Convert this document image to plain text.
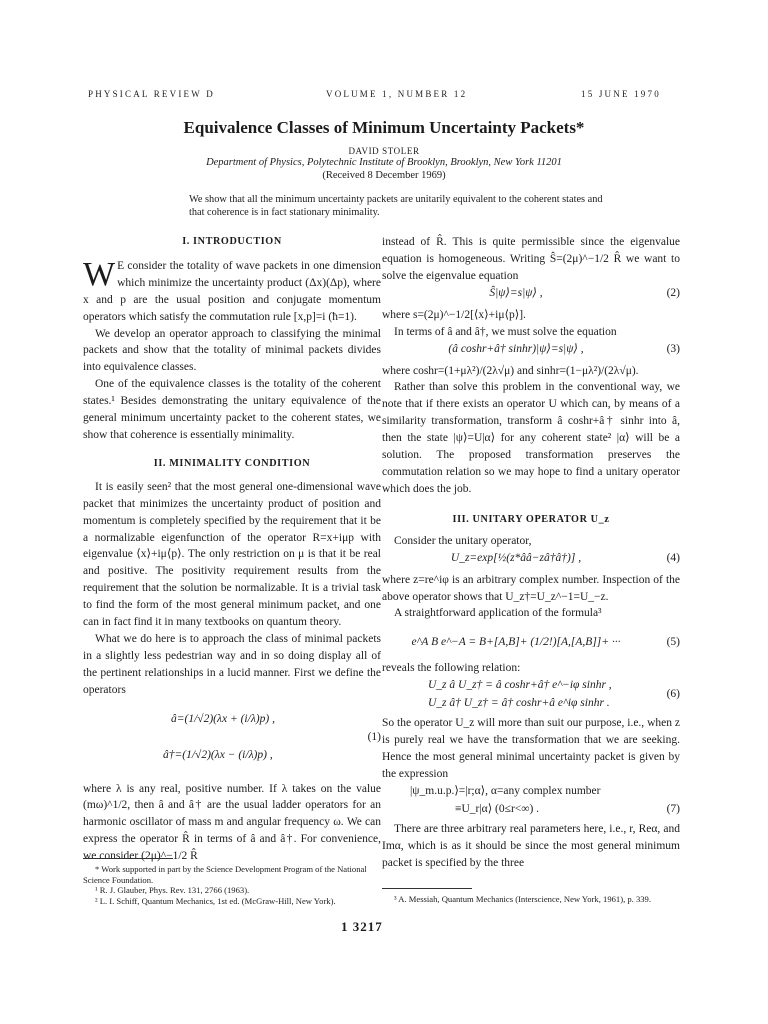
PHYSICAL REVIEW D	VOLUME 1, NUMBER 12	15 JUNE 1970
Equivalence Classes of Minimum Uncertainty Packets*
DAVID STOLER
Department of Physics, Polytechnic Institute of Brooklyn, Brooklyn, New York 11201
(Received 8 December 1969)
We show that all the minimum uncertainty packets are unitarily equivalent to the coherent states and that coherence is in fact stationary minimality.
I. INTRODUCTION

W E consider the totality of wave packets in one dimension which minimize the uncertainty product (Δx)(Δp), where x and p are the usual position and conjugate momentum operators which satisfy the commutation rule [x,p]=i (ħ=1).

We develop an operator approach to classifying the minimal packets and show that the totality of minimal packets divides into equivalence classes.

One of the equivalence classes is the totality of the coherent states.¹ Besides demonstrating the unitary equivalence of the general minimum uncertainty packet to the coherent states, we show that coherence is essentially minimality.

II. MINIMALITY CONDITION

It is easily seen² that the most general one-dimensional wave packet that minimizes the uncertainty product of position and momentum is completely specified by the requirement that it be a normalizable eigenfunction of the operator R=x+iμp with eigenvalue ⟨x⟩+iμ⟨p⟩. The only restriction on μ is that it be real and positive. The positivity requirement results from the requirement that the solution be normalizable. It is a trivial task to find the form of the most general minimum packet, and one can in fact find it in many textbooks on quantum theory.

What we do here is to approach the class of minimal packets in a slightly less pedestrian way and in so doing display all of the pertinent relationships in a lucid manner. First we define the operators

â=(1/√2)(λx + (i/λ)p) ,
â†=(1/√2)(λx − (i/λ)p) ,
(1)

where λ is any real, positive number. If λ takes on the value (mω)^1/2, then â and â† are the usual ladder operators for an harmonic oscillator of mass m and angular frequency ω. We can express the operator R̂ in terms of â and â†. For convenience, we consider (2μ)^−1/2 R̂

* Work supported in part by the Science Development Program of the National Science Foundation.

¹ R. J. Glauber, Phys. Rev. 131, 2766 (1963).

² L. I. Schiff, Quantum Mechanics, 1st ed. (McGraw-Hill, New York).

instead of R̂. This is quite permissible since the eigenvalue equation is homogeneous. Writing Ŝ=(2μ)^−1/2 R̂ we want to solve the eigenvalue equation

Ŝ|ψ⟩=s|ψ⟩ ,	(2)

where s=(2μ)^−1/2[⟨x⟩+iμ⟨p⟩].

In terms of â and â†, we must solve the equation

(â coshr+â† sinhr)|ψ⟩=s|ψ⟩ ,	(3)

where coshr=(1+μλ²)/(2λ√μ) and sinhr=(1−μλ²)/(2λ√μ).

Rather than solve this problem in the conventional way, we note that if there exists an operator U which can, by means of a similarity transformation, transform â coshr+â† sinhr into â, then the state |ψ⟩=U|α⟩ for any coherent state² |α⟩ will be a solution. The proposed transformation preserves the commutation relation so we may hope to find a unitary operator which does the job.

III. UNITARY OPERATOR U_z

Consider the unitary operator,

U_z=exp[½(z*ââ−zâ†â†)] ,	(4)

where z=re^iφ is an arbitrary complex number. Inspection of the above operator shows that U_z†=U_z^−1=U_−z.

A straightforward application of the formula³

e^A B e^−A = B+[A,B]+ (1/2!)[A,[A,B]]+ ···	(5)

reveals the following relation:

U_z â U_z† = â coshr+â† e^−iφ sinhr ,
U_z â† U_z† = â† coshr+â e^iφ sinhr .
(6)

So the operator U_z will more than suit our purpose, i.e., when z is purely real we have the transformation that we are seeking. Hence the most general minimal uncertainty packet is given by the expression

|ψ_m.u.p.⟩=|r;α⟩, α=any complex number
≡U_r|α⟩ (0≤r<∞) .	(7)

There are three arbitrary real parameters here, i.e., r, Reα, and Imα, which is as it should be since the most general minimum packet is specified by the three

³ A. Messiah, Quantum Mechanics (Interscience, New York, 1961), p. 339.

1 3217
